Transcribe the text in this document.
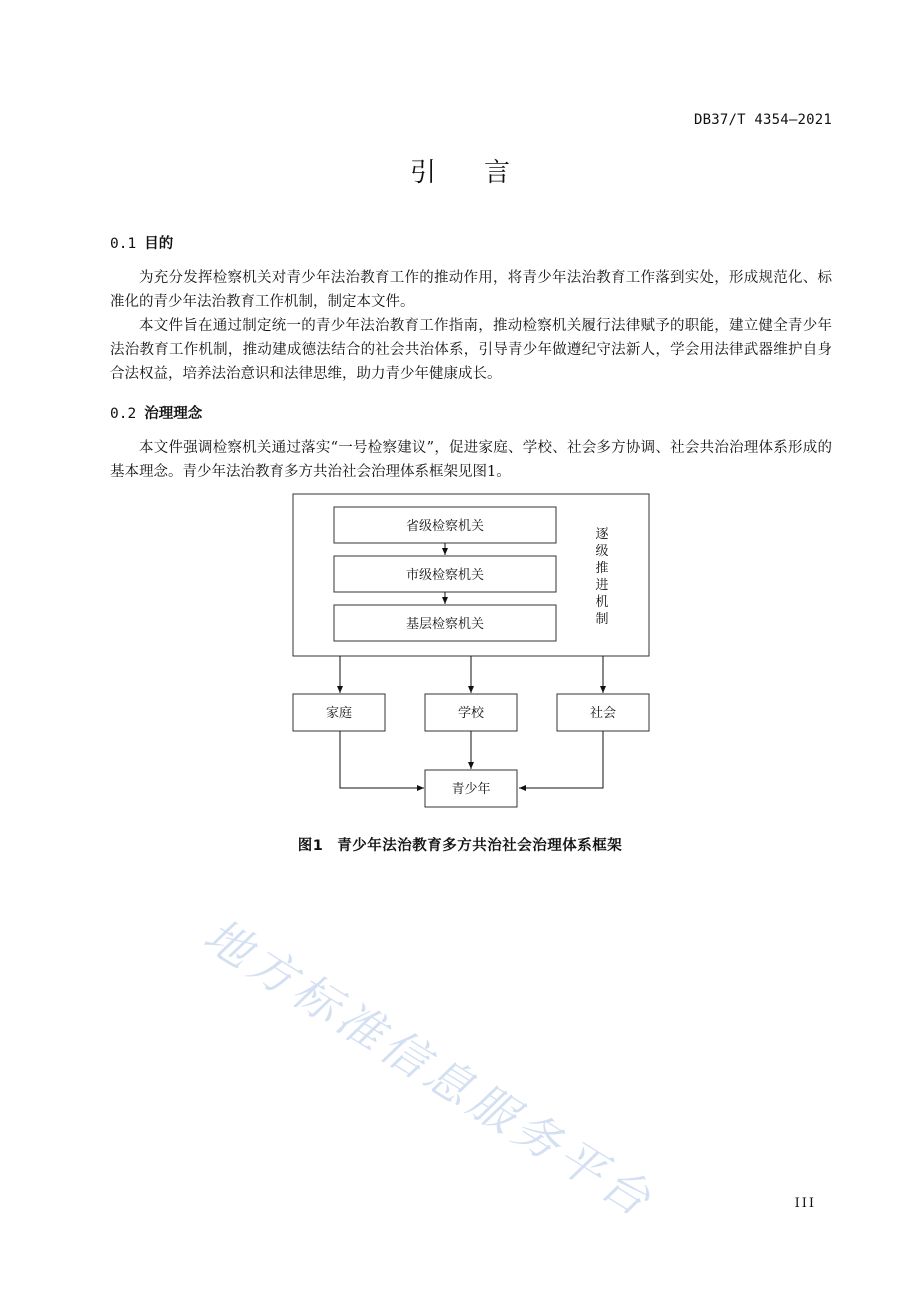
DB37/T 4354—2021
引言
0.1 目的
为充分发挥检察机关对青少年法治教育工作的推动作用，将青少年法治教育工作落到实处，形成规范化、标准化的青少年法治教育工作机制，制定本文件。
本文件旨在通过制定统一的青少年法治教育工作指南，推动检察机关履行法律赋予的职能，建立健全青少年法治教育工作机制，推动建成德法结合的社会共治体系，引导青少年做遵纪守法新人，学会用法律武器维护自身合法权益，培养法治意识和法律思维，助力青少年健康成长。
0.2 治理理念
本文件强调检察机关通过落实“一号检察建议”，促进家庭、学校、社会多方协调、社会共治治理体系形成的基本理念。青少年法治教育多方共治社会治理体系框架见图1。
省级检察机关
市级检察机关
基层检察机关
逐
级
推
进
机
制
家庭	学校	社会
青少年
图1 青少年法治教育多方共治社会治理体系框架
地方标准信息服务平台	III
